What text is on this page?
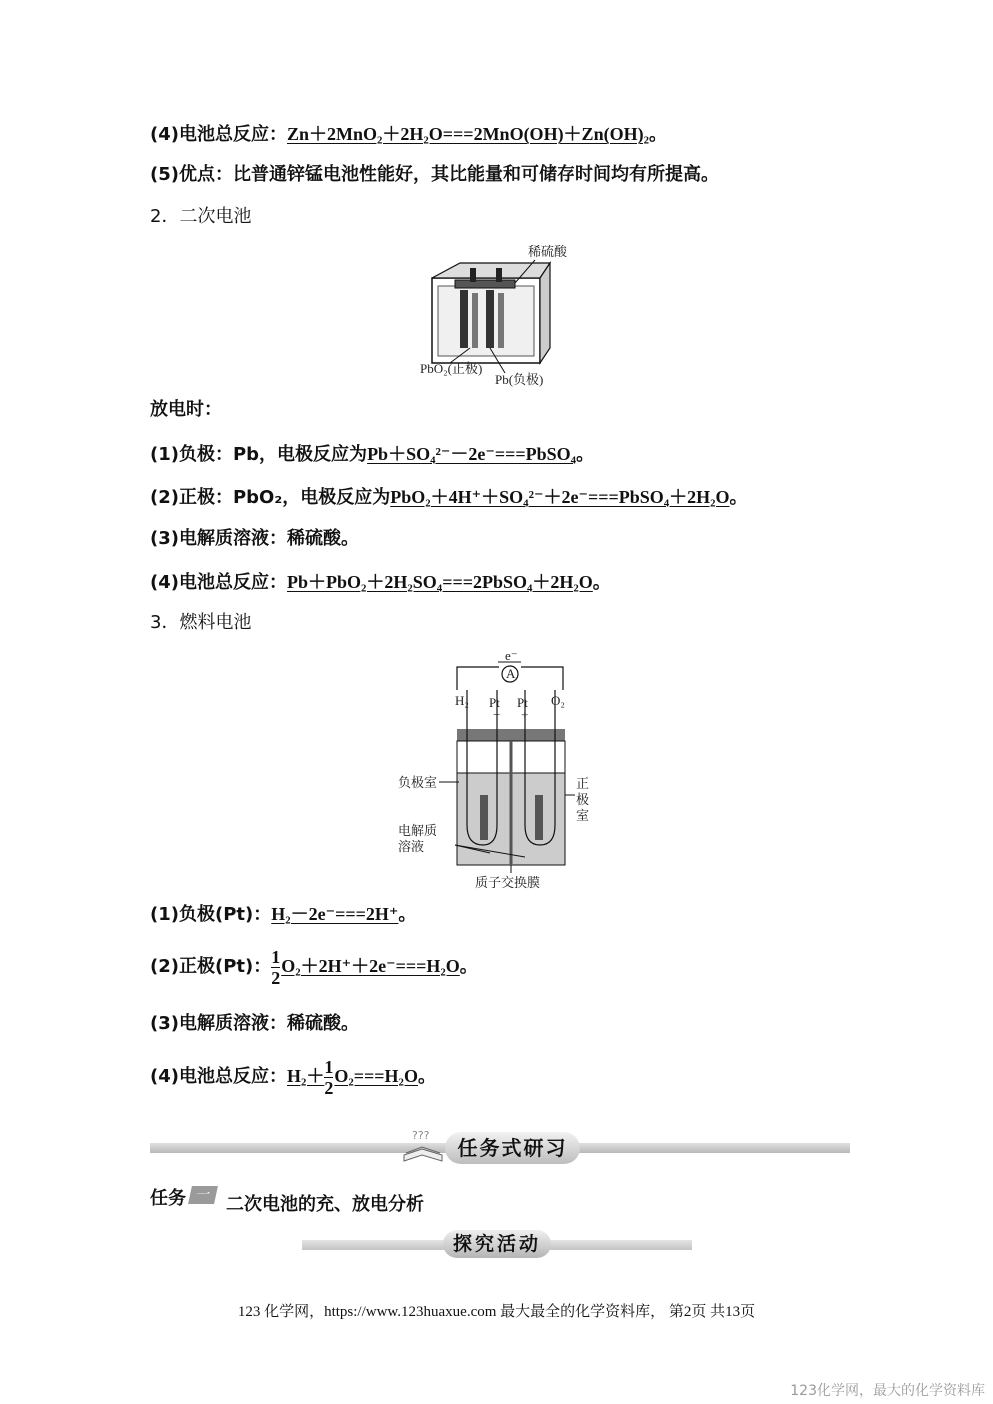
(4)电池总反应：Zn＋2MnO₂＋2H₂O===2MnO(OH)＋Zn(OH)₂。
(5)优点：比普通锌锰电池性能好，其比能量和可储存时间均有所提高。
2．二次电池
稀硫酸
PbO₂(正极)
Pb(负极)
放电时：
(1)负极：Pb，电极反应为Pb＋SO₄²⁻－2e⁻===PbSO₄。
(2)正极：PbO₂，电极反应为PbO₂＋4H⁺＋SO₄²⁻＋2e⁻===PbSO₄＋2H₂O。
(3)电解质溶液：稀硫酸。
(4)电池总反应：Pb＋PbO₂＋2H₂SO₄===2PbSO₄＋2H₂O。
3．燃料电池
A
e⁻
H₂ Pt
−
Pt
+
O₂
负极室	正
极
室
电解质
溶液
质子交换膜
(1)负极(Pt)：H₂－2e⁻===2H⁺。
(2)正极(Pt)： $\frac{1}{2} O_2+2H^++2e^-===H_2O$。
(3)电解质溶液：稀硫酸。
(4)电池总反应：$H_2+ \frac{1}{2} O_2===H_2O$。
???
任务式研习
任务 一 二次电池的充、放电分析
探究活动
123 化学网，https://www.123huaxue.com 最大最全的化学资料库， 第2页 共13页
123化学网，最大的化学资料库
